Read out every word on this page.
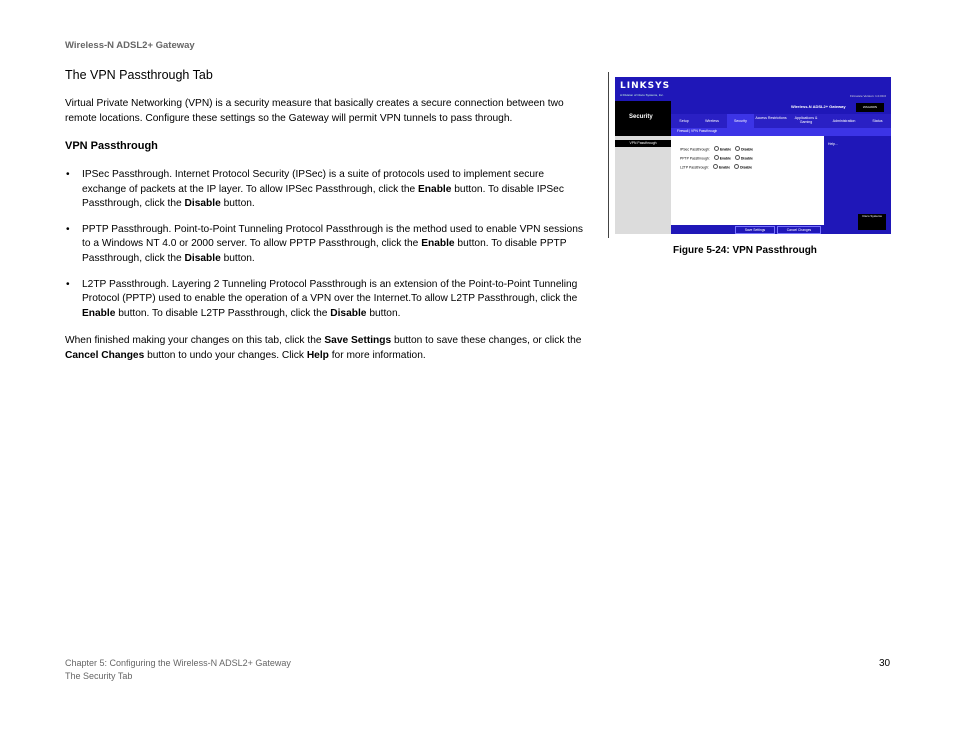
Wireless-N ADSL2+ Gateway
The VPN Passthrough Tab
Virtual Private Networking (VPN) is a security measure that basically creates a secure connection between two remote locations. Configure these settings so the Gateway will permit VPN tunnels to pass through.
VPN Passthrough
• IPSec Passthrough. Internet Protocol Security (IPSec) is a suite of protocols used to implement secure exchange of packets at the IP layer. To allow IPSec Passthrough, click the Enable button. To disable IPSec Passthrough, click the Disable button.
• PPTP Passthrough. Point-to-Point Tunneling Protocol Passthrough is the method used to enable VPN sessions to a Windows NT 4.0 or 2000 server. To allow PPTP Passthrough, click the Enable button. To disable PPTP Passthrough, click the Disable button.
• L2TP Passthrough. Layering 2 Tunneling Protocol Passthrough is an extension of the Point-to-Point Tunneling Protocol (PPTP) used to enable the operation of a VPN over the Internet.To allow L2TP Passthrough, click the Enable button. To disable L2TP Passthrough, click the Disable button.
When finished making your changes on this tab, click the Save Settings button to save these changes, or click the Cancel Changes button to undo your changes. Click Help for more information.
LINKSYS
A Division of Cisco Systems, Inc.	Firmware Version: 1.0.00.0
Security
Wireless-N ADSL2+ Gateway	WAG300N
Setup	Wireless	Security
Access Restrictions	Applications & Gaming	Administration	Status
Firewall | VPN Passthrough
VPN Passthrough
IPSec Passthrough:	Enable	Disable
PPTP Passthrough:	Enable	Disable
L2TP Passthrough:	Enable	Disable
Save Settings	Cancel Changes
Help...
Cisco Systems
Figure 5-24: VPN Passthrough
Chapter 5: Configuring the Wireless-N ADSL2+ Gateway
The Security Tab
30
